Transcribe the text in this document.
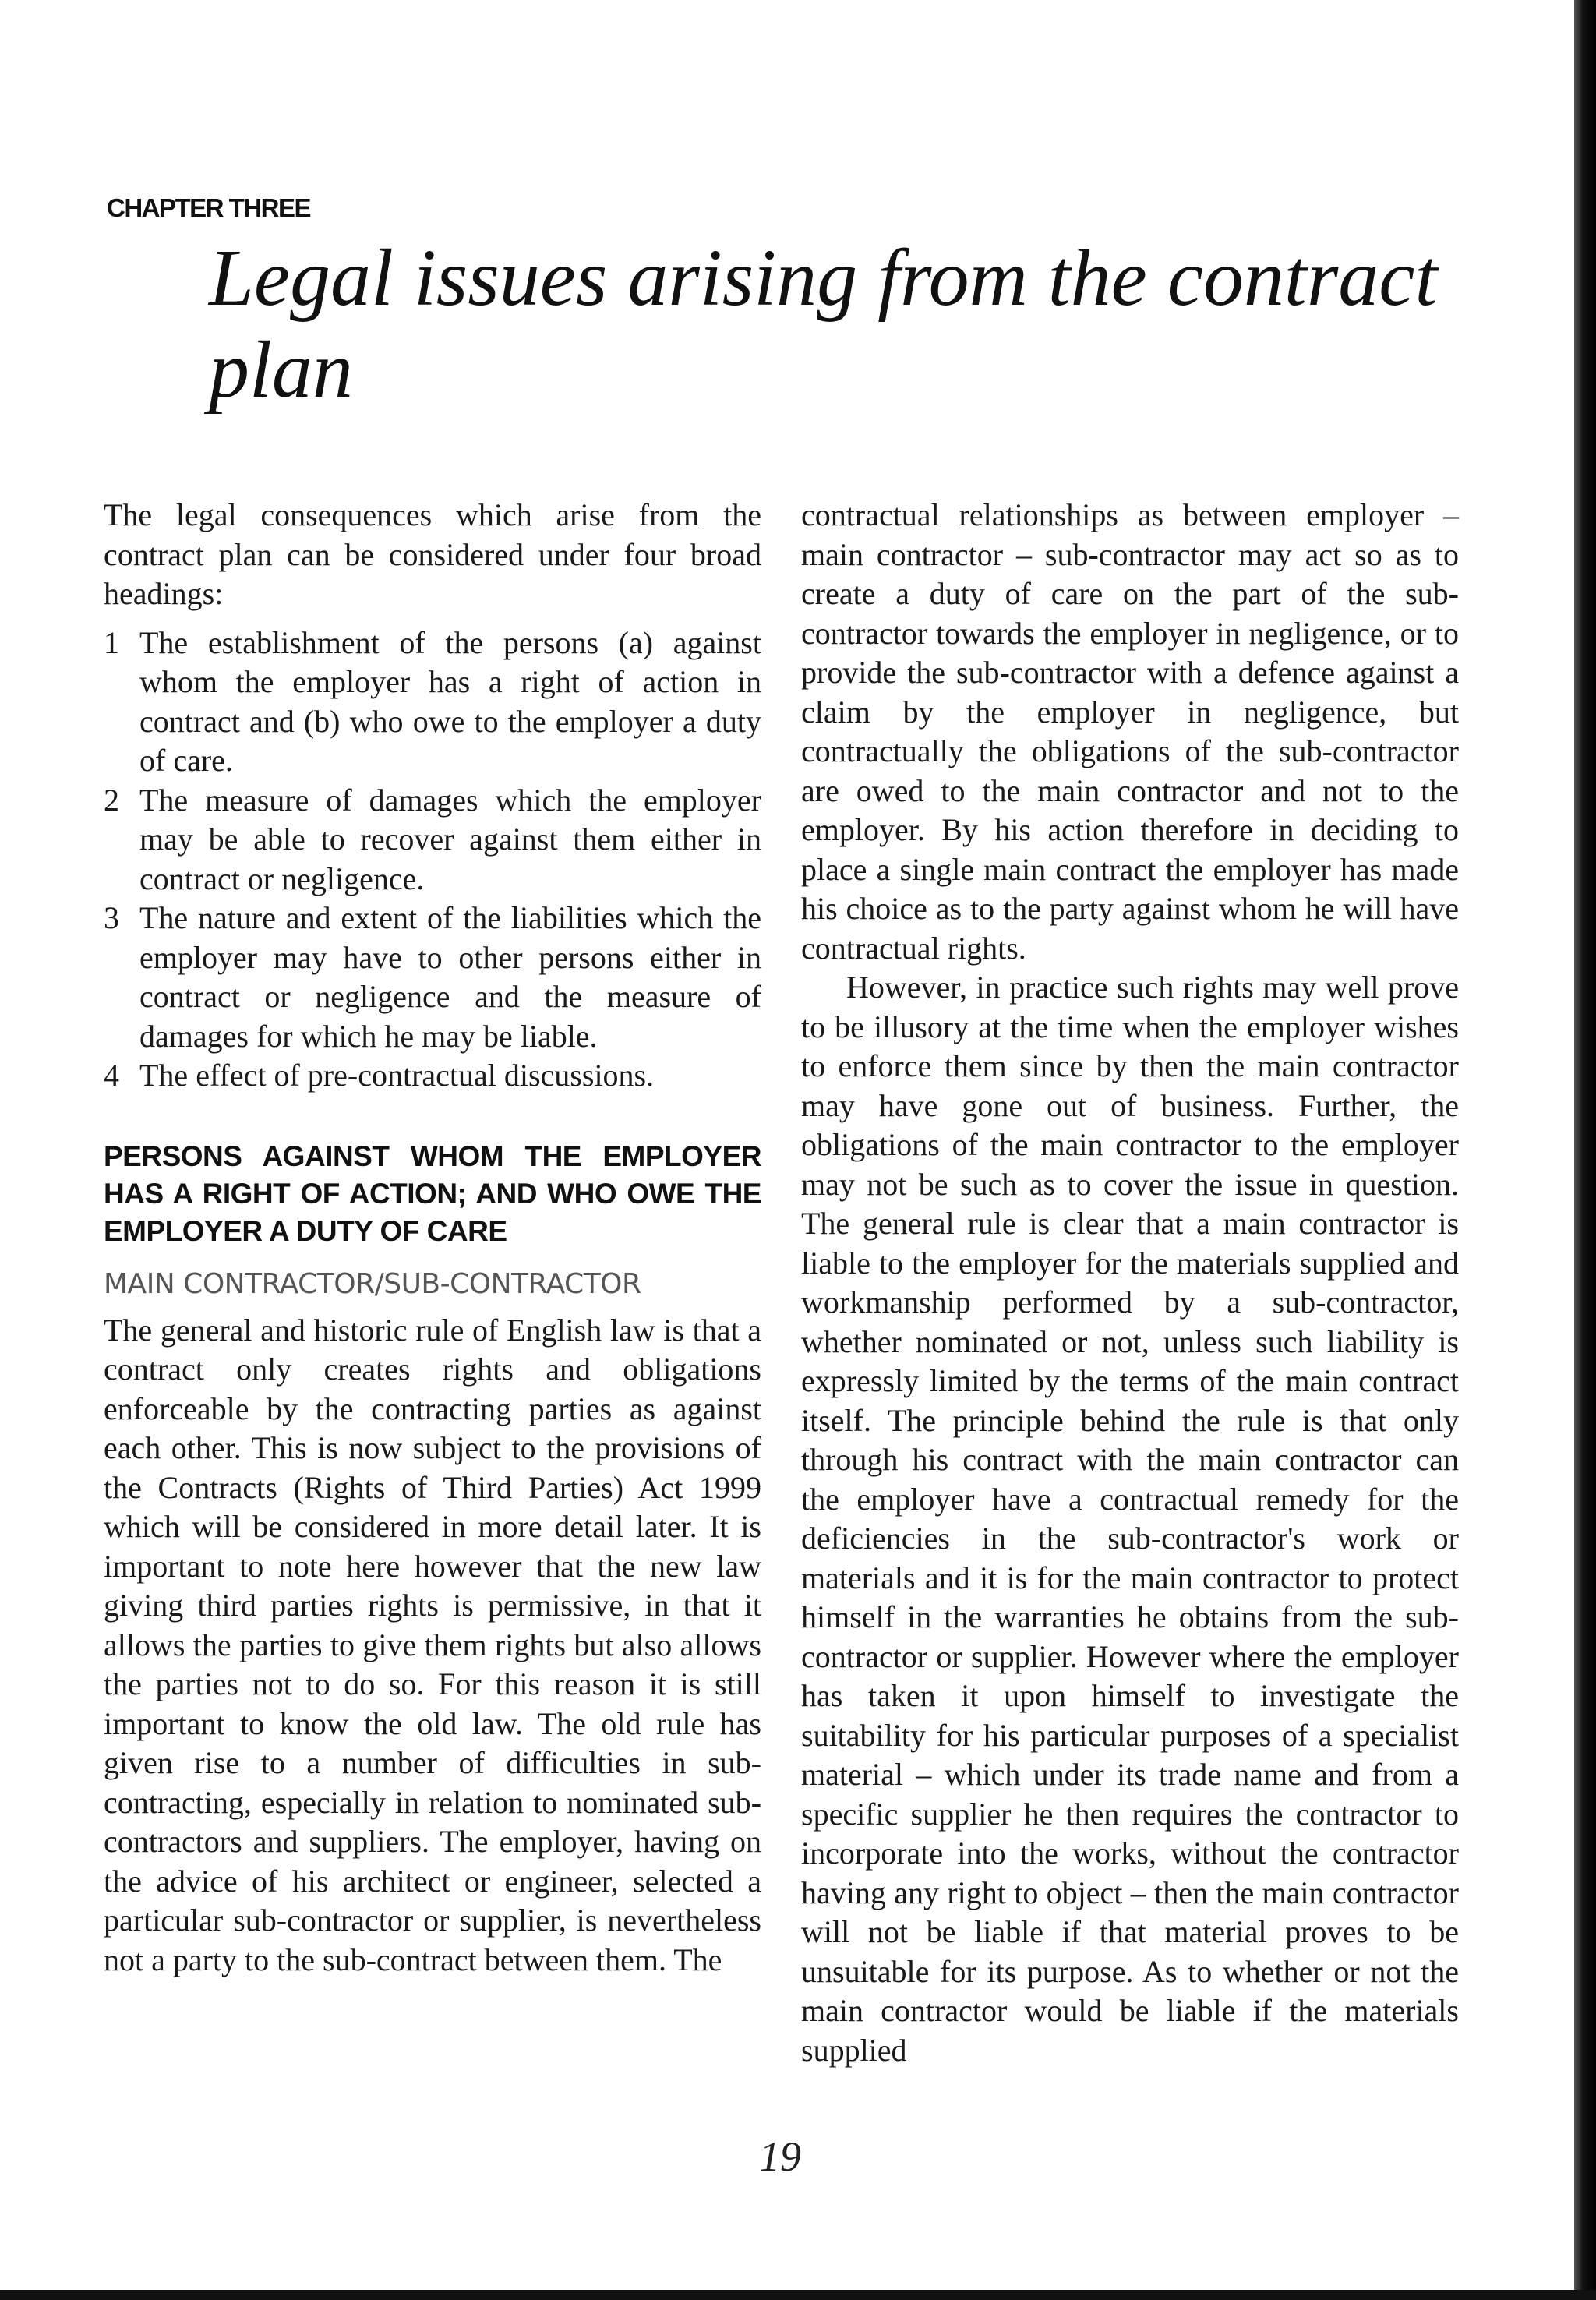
CHAPTER THREE
Legal issues arising from the contract plan

The legal consequences which arise from the contract plan can be considered under four broad headings:

1 The establishment of the persons (a) against whom the employer has a right of action in contract and (b) who owe to the employer a duty of care.
2 The measure of damages which the employer may be able to recover against them either in contract or negligence.
3 The nature and extent of the liabilities which the employer may have to other persons either in contract or negligence and the measure of damages for which he may be liable.
4 The effect of pre-contractual discussions.
PERSONS AGAINST WHOM THE EMPLOYER HAS A RIGHT OF ACTION; AND WHO OWE THE EMPLOYER A DUTY OF CARE
MAIN CONTRACTOR/SUB-CONTRACTOR

The general and historic rule of English law is that a contract only creates rights and obligations enforceable by the contracting parties as against each other. This is now subject to the provisions of the Contracts (Rights of Third Parties) Act 1999 which will be considered in more detail later. It is important to note here however that the new law giving third parties rights is permissive, in that it allows the parties to give them rights but also allows the parties not to do so. For this reason it is still important to know the old law. The old rule has given rise to a number of difficulties in sub-contracting, especially in relation to nominated sub-contractors and suppliers. The employer, having on the advice of his architect or engineer, selected a particular sub-contractor or supplier, is nevertheless not a party to the sub-contract between them. The

contractual relationships as between employer – main contractor – sub-contractor may act so as to create a duty of care on the part of the sub-contractor towards the employer in negligence, or to provide the sub-contractor with a defence against a claim by the employer in negligence, but contractually the obligations of the sub-contractor are owed to the main contractor and not to the employer. By his action therefore in deciding to place a single main contract the employer has made his choice as to the party against whom he will have contractual rights.

However, in practice such rights may well prove to be illusory at the time when the employer wishes to enforce them since by then the main contractor may have gone out of business. Further, the obligations of the main contractor to the employer may not be such as to cover the issue in question. The general rule is clear that a main contractor is liable to the employer for the materials supplied and workmanship performed by a sub-contractor, whether nominated or not, unless such liability is expressly limited by the terms of the main contract itself. The principle behind the rule is that only through his contract with the main contractor can the employer have a contractual remedy for the deficiencies in the sub-contractor's work or materials and it is for the main contractor to protect himself in the warranties he obtains from the sub-contractor or supplier. However where the employer has taken it upon himself to investigate the suitability for his particular purposes of a specialist material – which under its trade name and from a specific supplier he then requires the contractor to incorporate into the works, without the contractor having any right to object – then the main contractor will not be liable if that material proves to be unsuitable for its purpose. As to whether or not the main contractor would be liable if the materials supplied

19
